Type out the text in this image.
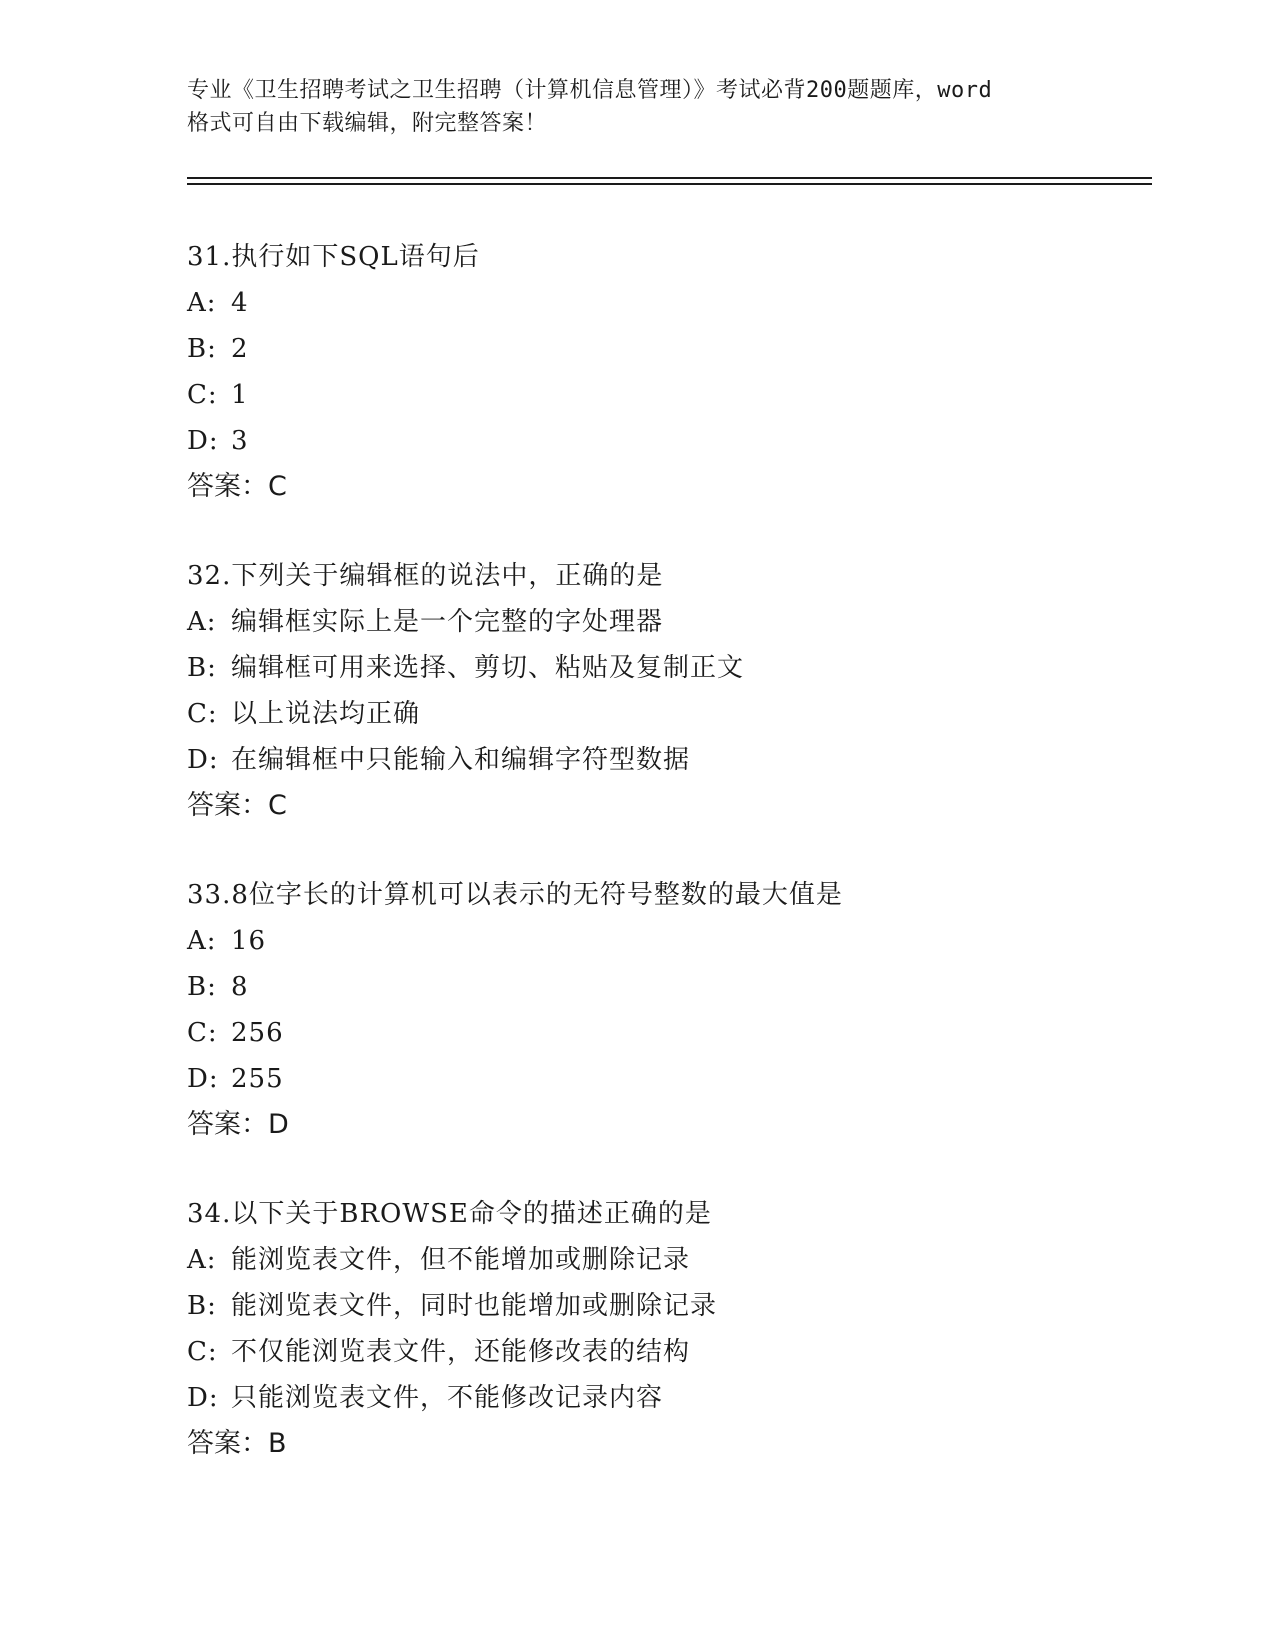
专业《卫生招聘考试之卫生招聘（计算机信息管理）》考试必背200题题库，word
格式可自由下载编辑，附完整答案！
31.执行如下SQL语句后
A: 4
B: 2
C: 1
D: 3
答案：C
32.下列关于编辑框的说法中，正确的是
A: 编辑框实际上是一个完整的字处理器
B: 编辑框可用来选择、剪切、粘贴及复制正文
C: 以上说法均正确
D: 在编辑框中只能输入和编辑字符型数据
答案：C
33.8位字长的计算机可以表示的无符号整数的最大值是
A: 16
B: 8
C: 256
D: 255
答案：D
34.以下关于BROWSE命令的描述正确的是
A: 能浏览表文件，但不能增加或删除记录
B: 能浏览表文件，同时也能增加或删除记录
C: 不仅能浏览表文件，还能修改表的结构
D: 只能浏览表文件，不能修改记录内容
答案：B
